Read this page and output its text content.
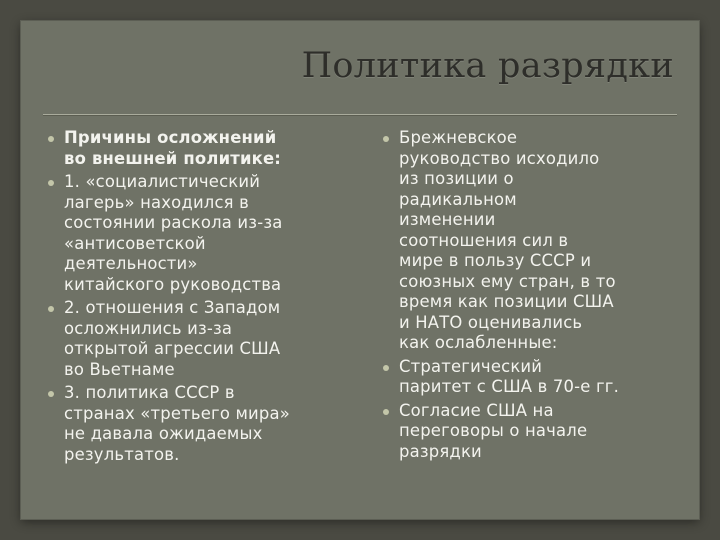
Политика разрядки
Причины осложнений
во внешней политике:
1. «социалистический
лагерь» находился в
состоянии раскола из-за
«антисоветской
деятельности»
китайского руководства
2. отношения с Западом
осложнились из-за
открытой агрессии США
во Вьетнаме
3. политика СССР в
странах «третьего мира»
не давала ожидаемых
результатов.
Брежневское
руководство исходило
из позиции о
радикальном
изменении
соотношения сил в
мире в пользу СССР и
союзных ему стран, в то
время как позиции США
и НАТО оценивались
как ослабленные:
Стратегический
паритет с США в 70-е гг.
Согласие США на
переговоры о начале
разрядки
